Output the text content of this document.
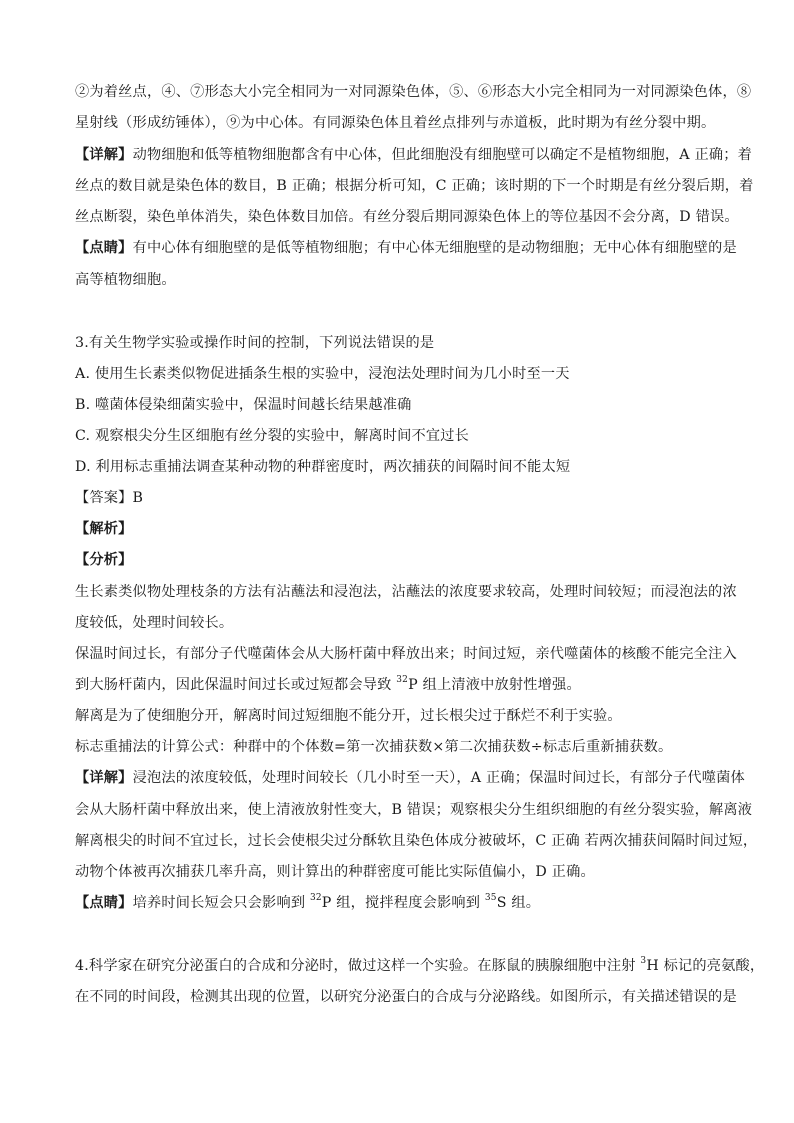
②为着丝点，④、⑦形态大小完全相同为一对同源染色体，⑤、⑥形态大小完全相同为一对同源染色体，⑧
星射线（形成纺锤体），⑨为中心体。有同源染色体且着丝点排列与赤道板，此时期为有丝分裂中期。
【详解】动物细胞和低等植物细胞都含有中心体，但此细胞没有细胞壁可以确定不是植物细胞，A 正确；着
丝点的数目就是染色体的数目，B 正确；根据分析可知，C 正确；该时期的下一个时期是有丝分裂后期，着
丝点断裂，染色单体消失，染色体数目加倍。有丝分裂后期同源染色体上的等位基因不会分离，D 错误。
【点睛】有中心体有细胞壁的是低等植物细胞；有中心体无细胞壁的是动物细胞；无中心体有细胞壁的是
高等植物细胞。
3.有关生物学实验或操作时间的控制，下列说法错误的是
A. 使用生长素类似物促进插条生根的实验中，浸泡法处理时间为几小时至一天
B. 噬菌体侵染细菌实验中，保温时间越长结果越准确
C. 观察根尖分生区细胞有丝分裂的实验中，解离时间不宜过长
D. 利用标志重捕法调查某种动物的种群密度时，两次捕获的间隔时间不能太短
【答案】B
【解析】
【分析】
生长素类似物处理枝条的方法有沾蘸法和浸泡法，沾蘸法的浓度要求较高，处理时间较短；而浸泡法的浓
度较低，处理时间较长。
保温时间过长，有部分子代噬菌体会从大肠杆菌中释放出来；时间过短，亲代噬菌体的核酸不能完全注入
到大肠杆菌内，因此保温时间过长或过短都会导致 $^{32}$P 组上清液中放射性增强。
解离是为了使细胞分开，解离时间过短细胞不能分开，过长根尖过于酥烂不利于实验。
标志重捕法的计算公式：种群中的个体数=第一次捕获数×第二次捕获数÷标志后重新捕获数。
【详解】浸泡法的浓度较低，处理时间较长（几小时至一天），A 正确；保温时间过长，有部分子代噬菌体
会从大肠杆菌中释放出来，使上清液放射性变大，B 错误；观察根尖分生组织细胞的有丝分裂实验，解离液
解离根尖的时间不宜过长，过长会使根尖过分酥软且染色体成分被破坏，C 正确 若两次捕获间隔时间过短，
动物个体被再次捕获几率升高，则计算出的种群密度可能比实际值偏小，D 正确。
【点睛】培养时间长短会只会影响到 $^{32}$P 组，搅拌程度会影响到 $^{35}$S 组。
4.科学家在研究分泌蛋白的合成和分泌时，做过这样一个实验。在豚鼠的胰腺细胞中注射 $^3$H 标记的亮氨酸，
在不同的时间段，检测其出现的位置，以研究分泌蛋白的合成与分泌路线。如图所示，有关描述错误的是
